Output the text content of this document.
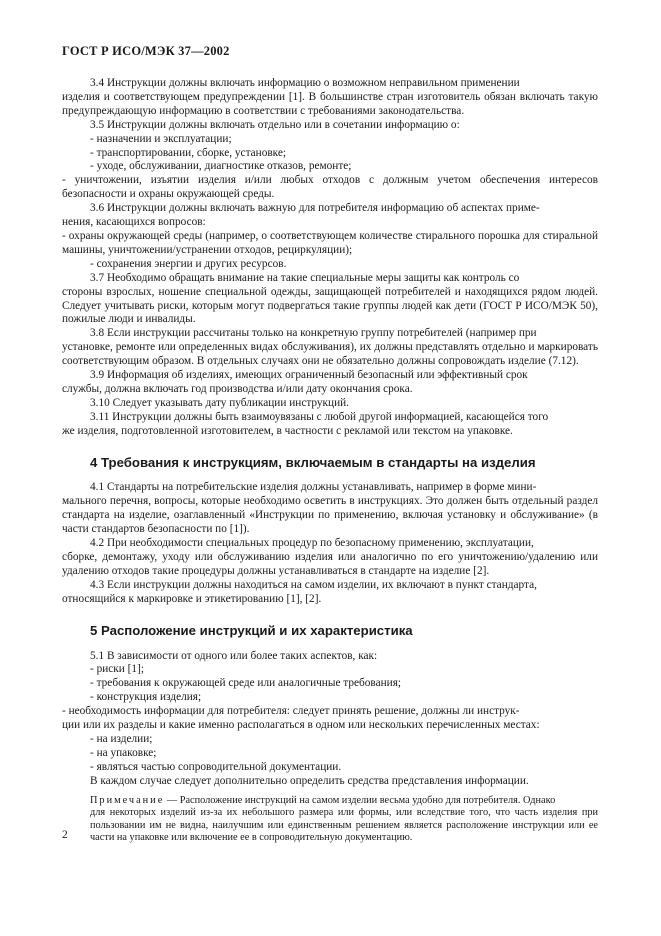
ГОСТ Р ИСО/МЭК 37—2002

3.4 Инструкции должны включать информацию о возможном неправильном применении

изделия и соответствующем предупреждении [1]. В большинстве стран изготовитель обязан включать такую предупреждающую информацию в соответствии с требованиями законодательства.

3.5 Инструкции должны включать отдельно или в сочетании информацию о:

- назначении и эксплуатации;

- транспортировании, сборке, установке;

- уходе, обслуживании, диагностике отказов, ремонте;

- уничтожении, изъятии изделия и/или любых отходов с должным учетом обеспечения интересов безопасности и охраны окружающей среды.

3.6 Инструкции должны включать важную для потребителя информацию об аспектах приме-

нения, касающихся вопросов:

- охраны окружающей среды (например, о соответствующем количестве стирального порошка для стиральной машины, уничтожении/устранении отходов, рециркуляции);

- сохранения энергии и других ресурсов.

3.7 Необходимо обращать внимание на такие специальные меры защиты как контроль со

стороны взрослых, ношение специальной одежды, защищающей потребителей и находящихся рядом людей. Следует учитывать риски, которым могут подвергаться такие группы людей как дети (ГОСТ Р ИСО/МЭК 50), пожилые люди и инвалиды.

3.8 Если инструкции рассчитаны только на конкретную группу потребителей (например при

установке, ремонте или определенных видах обслуживания), их должны представлять отдельно и маркировать соответствующим образом. В отдельных случаях они не обязательно должны сопровождать изделие (7.12).

3.9 Информация об изделиях, имеющих ограниченный безопасный или эффективный срок

службы, должна включать год производства и/или дату окончания срока.

3.10 Следует указывать дату публикации инструкций.

3.11 Инструкции должны быть взаимоувязаны с любой другой информацией, касающейся того

же изделия, подготовленной изготовителем, в частности с рекламой или текстом на упаковке.

4 Требования к инструкциям, включаемым в стандарты на изделия

4.1 Стандарты на потребительские изделия должны устанавливать, например в форме мини-

мального перечня, вопросы, которые необходимо осветить в инструкциях. Это должен быть отдельный раздел стандарта на изделие, озаглавленный «Инструкции по применению, включая установку и обслуживание» (в части стандартов безопасности по [1]).

4.2 При необходимости специальных процедур по безопасному применению, эксплуатации,

сборке, демонтажу, уходу или обслуживанию изделия или аналогично по его уничтожению/удалению или удалению отходов такие процедуры должны устанавливаться в стандарте на изделие [2].

4.3 Если инструкции должны находиться на самом изделии, их включают в пункт стандарта,

относящийся к маркировке и этикетированию [1], [2].

5 Расположение инструкций и их характеристика

5.1 В зависимости от одного или более таких аспектов, как:

- риски [1];

- требования к окружающей среде или аналогичные требования;

- конструкция изделия;

- необходимость информации для потребителя: следует принять решение, должны ли инструк-

ции или их разделы и какие именно располагаться в одном или нескольких перечисленных местах:

- на изделии;

- на упаковке;

- являться частью сопроводительной документации.

В каждом случае следует дополнительно определить средства представления информации.

Примечание — Расположение инструкций на самом изделии весьма удобно для потребителя. Однако

для некоторых изделий из-за их небольшого размера или формы, или вследствие того, что часть изделия при пользовании им не видна, наилучшим или единственным решением является расположение инструкции или ее части на упаковке или включение ее в сопроводительную документацию.

2
